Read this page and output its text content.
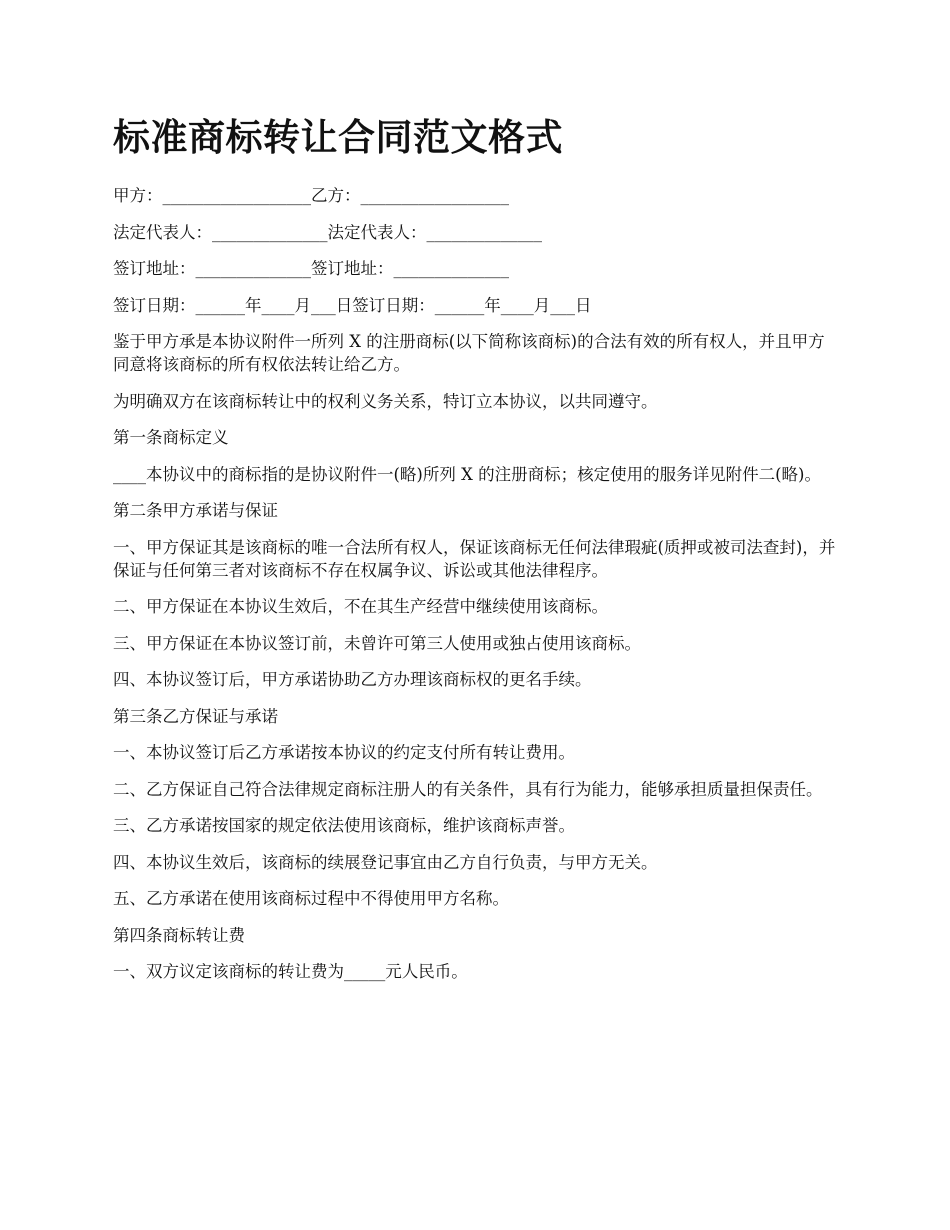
标准商标转让合同范文格式

甲方：__________________乙方：__________________

法定代表人：______________法定代表人：______________

签订地址：______________签订地址：______________

签订日期：______年____月___日签订日期：______年____月___日

鉴于甲方承是本协议附件一所列 X 的注册商标(以下简称该商标)的合法有效的所有权人，并且甲方同意将该商标的所有权依法转让给乙方。

为明确双方在该商标转让中的权利义务关系，特订立本协议，以共同遵守。

第一条商标定义

____本协议中的商标指的是协议附件一(略)所列 X 的注册商标；核定使用的服务详见附件二(略)。

第二条甲方承诺与保证

一、甲方保证其是该商标的唯一合法所有权人，保证该商标无任何法律瑕疵(质押或被司法查封)，并保证与任何第三者对该商标不存在权属争议、诉讼或其他法律程序。

二、甲方保证在本协议生效后，不在其生产经营中继续使用该商标。

三、甲方保证在本协议签订前，未曾许可第三人使用或独占使用该商标。

四、本协议签订后，甲方承诺协助乙方办理该商标权的更名手续。

第三条乙方保证与承诺

一、本协议签订后乙方承诺按本协议的约定支付所有转让费用。

二、乙方保证自己符合法律规定商标注册人的有关条件，具有行为能力，能够承担质量担保责任。

三、乙方承诺按国家的规定依法使用该商标，维护该商标声誉。

四、本协议生效后，该商标的续展登记事宜由乙方自行负责，与甲方无关。

五、乙方承诺在使用该商标过程中不得使用甲方名称。

第四条商标转让费

一、双方议定该商标的转让费为_____元人民币。
